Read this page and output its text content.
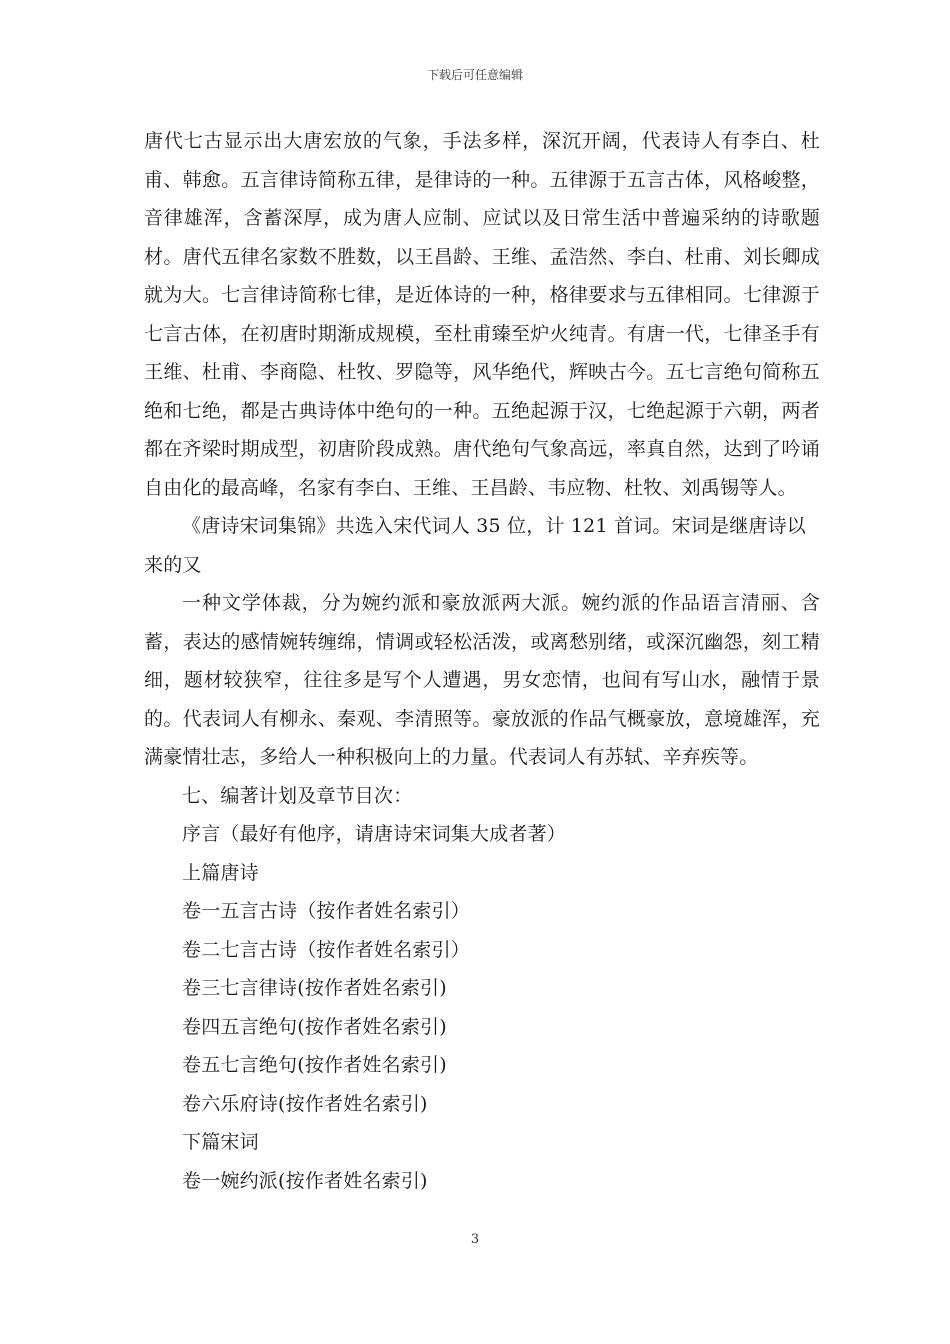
下载后可任意编辑

唐代七古显示出大唐宏放的气象，手法多样，深沉开阔，代表诗人有李白、杜甫、韩愈。五言律诗简称五律，是律诗的一种。五律源于五言古体，风格峻整，音律雄浑，含蓄深厚，成为唐人应制、应试以及日常生活中普遍采纳的诗歌题材。唐代五律名家数不胜数，以王昌龄、王维、孟浩然、李白、杜甫、刘长卿成就为大。七言律诗简称七律，是近体诗的一种，格律要求与五律相同。七律源于七言古体，在初唐时期渐成规模，至杜甫臻至炉火纯青。有唐一代，七律圣手有王维、杜甫、李商隐、杜牧、罗隐等，风华绝代，辉映古今。五七言绝句简称五绝和七绝，都是古典诗体中绝句的一种。五绝起源于汉，七绝起源于六朝，两者都在齐梁时期成型，初唐阶段成熟。唐代绝句气象高远，率真自然，达到了吟诵自由化的最高峰，名家有李白、王维、王昌龄、韦应物、杜牧、刘禹锡等人。

《唐诗宋词集锦》共选入宋代词人 35 位，计 121 首词。宋词是继唐诗以来的又

一种文学体裁，分为婉约派和豪放派两大派。婉约派的作品语言清丽、含蓄，表达的感情婉转缠绵，情调或轻松活泼，或离愁别绪，或深沉幽怨，刻工精细，题材较狭窄，往往多是写个人遭遇，男女恋情，也间有写山水，融情于景的。代表词人有柳永、秦观、李清照等。豪放派的作品气概豪放，意境雄浑，充满豪情壮志，多给人一种积极向上的力量。代表词人有苏轼、辛弃疾等。

七、编著计划及章节目次：

序言（最好有他序，请唐诗宋词集大成者著）

上篇唐诗

卷一五言古诗（按作者姓名索引）

卷二七言古诗（按作者姓名索引）

卷三七言律诗(按作者姓名索引)

卷四五言绝句(按作者姓名索引)

卷五七言绝句(按作者姓名索引)

卷六乐府诗(按作者姓名索引)

下篇宋词

卷一婉约派(按作者姓名索引)

3
